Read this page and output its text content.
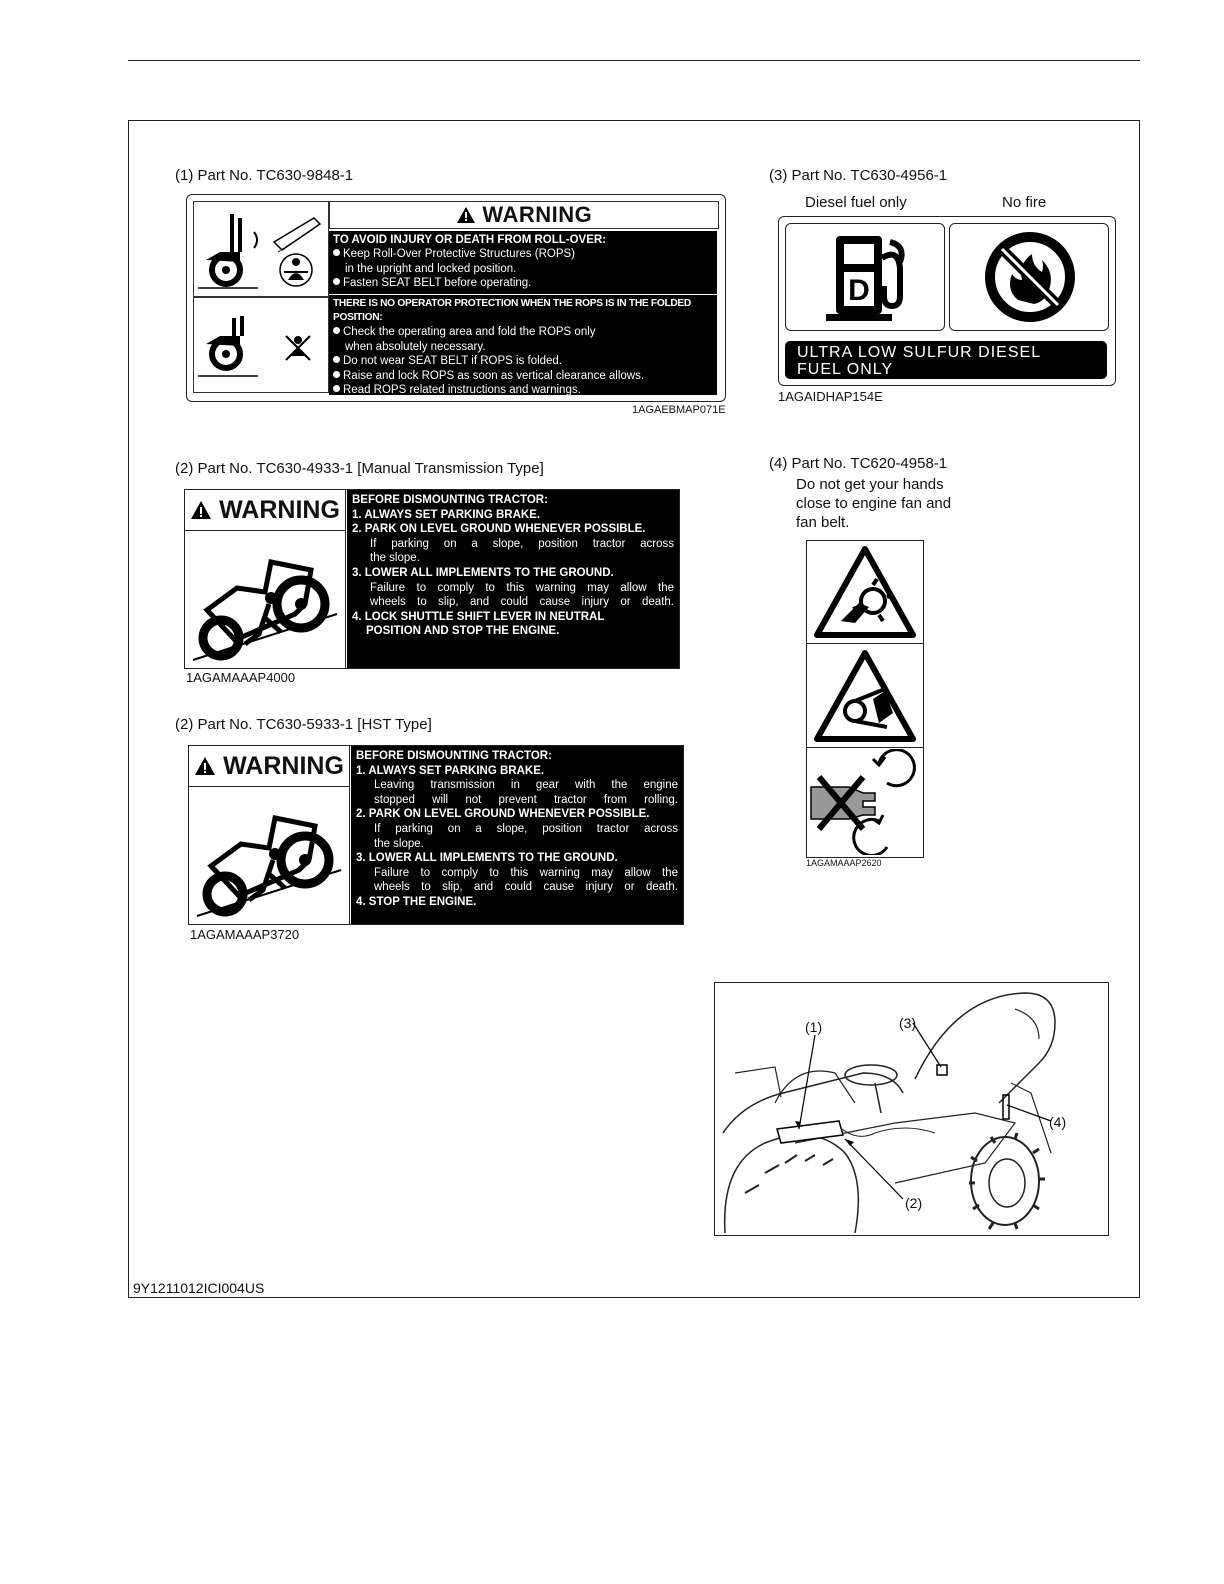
(1) Part No. TC630-9848-1
WARNING
TO AVOID INJURY OR DEATH FROM ROLL-OVER:
Keep Roll-Over Protective Structures (ROPS)
in the upright and locked position.
Fasten SEAT BELT before operating.
THERE IS NO OPERATOR PROTECTION WHEN THE ROPS IS IN THE FOLDED POSITION:
Check the operating area and fold the ROPS only
when absolutely necessary.
Do not wear SEAT BELT if ROPS is folded.
Raise and lock ROPS as soon as vertical clearance allows.
Read ROPS related instructions and warnings.
1AGAEBMAP071E
(2) Part No. TC630-4933-1 [Manual Transmission Type]
WARNING	BEFORE DISMOUNTING TRACTOR:
1. ALWAYS SET PARKING BRAKE.
2. PARK ON LEVEL GROUND WHENEVER POSSIBLE.
If parking on a slope, position tractor across
the slope.
3. LOWER ALL IMPLEMENTS TO THE GROUND.
Failure to comply to this warning may allow the
wheels to slip, and could cause injury or death.
4. LOCK SHUTTLE SHIFT LEVER IN NEUTRAL
POSITION AND STOP THE ENGINE.
1AGAMAAAP4000
(2) Part No. TC630-5933-1 [HST Type]
WARNING	BEFORE DISMOUNTING TRACTOR:
1. ALWAYS SET PARKING BRAKE.
Leaving transmission in gear with the engine
stopped will not prevent tractor from rolling.
2. PARK ON LEVEL GROUND WHENEVER POSSIBLE.
If parking on a slope, position tractor across
the slope.
3. LOWER ALL IMPLEMENTS TO THE GROUND.
Failure to comply to this warning may allow the
wheels to slip, and could cause injury or death.
4. STOP THE ENGINE.
1AGAMAAAP3720
(3) Part No. TC630-4956-1
Diesel fuel only	No fire
D
ULTRA LOW SULFUR DIESEL
FUEL ONLY
1AGAIDHAP154E
(4) Part No. TC620-4958-1
Do not get your hands
close to engine fan and
fan belt.
1AGAMAAAP2620
(1)	(3)
(4)
(2)
9Y1211012ICI004US
